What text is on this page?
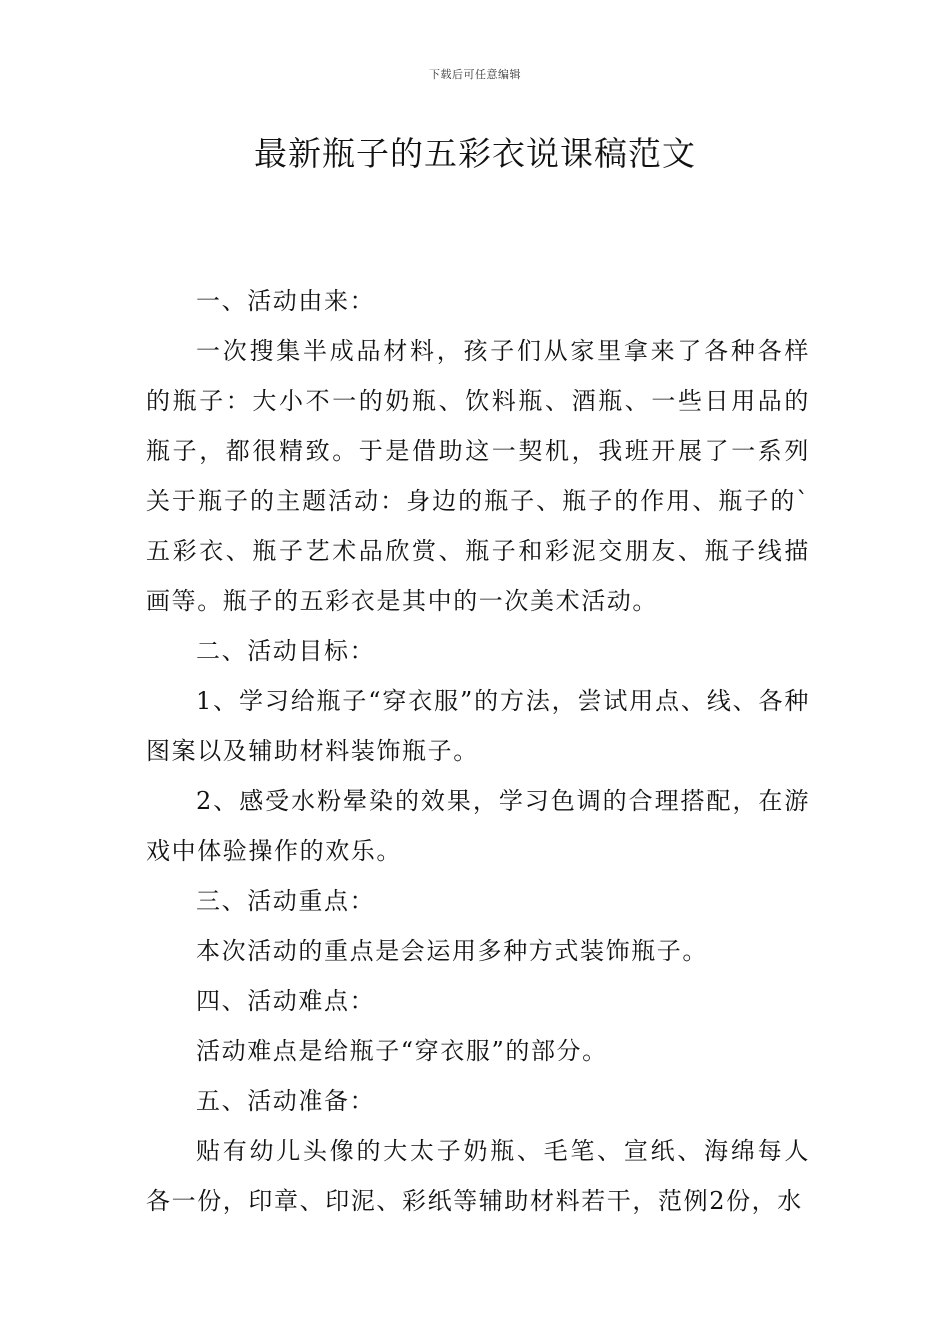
下载后可任意编辑
最新瓶子的五彩衣说课稿范文

一、活动由来：

一次搜集半成品材料，孩子们从家里拿来了各种各样的瓶子：大小不一的奶瓶、饮料瓶、酒瓶、一些日用品的瓶子，都很精致。于是借助这一契机，我班开展了一系列关于瓶子的主题活动：身边的瓶子、瓶子的作用、瓶子的`五彩衣、瓶子艺术品欣赏、瓶子和彩泥交朋友、瓶子线描画等。瓶子的五彩衣是其中的一次美术活动。

二、活动目标：

1、学习给瓶子“穿衣服”的方法，尝试用点、线、各种图案以及辅助材料装饰瓶子。

2、感受水粉晕染的效果，学习色调的合理搭配，在游戏中体验操作的欢乐。

三、活动重点：

本次活动的重点是会运用多种方式装饰瓶子。

四、活动难点：

活动难点是给瓶子“穿衣服”的部分。

五、活动准备：

贴有幼儿头像的大太子奶瓶、毛笔、宣纸、海绵每人各一份，印章、印泥、彩纸等辅助材料若干，范例2份，水
